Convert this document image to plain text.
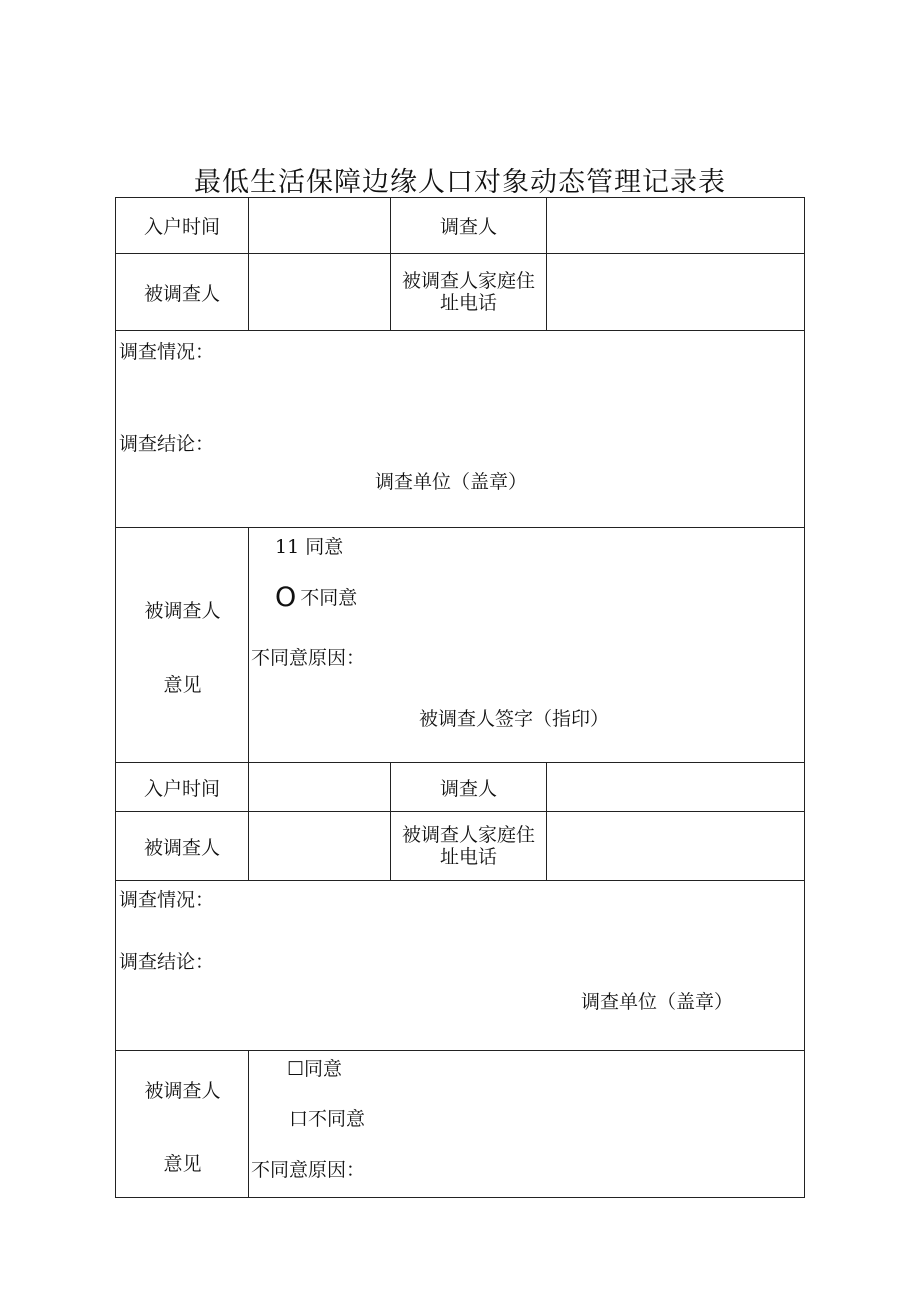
最低生活保障边缘人口对象动态管理记录表
入户时间		调查人	
被调查人		被调查人家庭住
址电话	

调查情况：
调查结论：
调查单位（盖章）			

被调查人
意见	11 同意
O 不同意
不同意原因：
被调查人签字（指印）		

入户时间		调查人	
被调查人		被调查人家庭住
址电话	

调查情况：
调查结论：
调查单位（盖章）			

被调查人
意见	☐同意
口不同意
不同意原因：		
